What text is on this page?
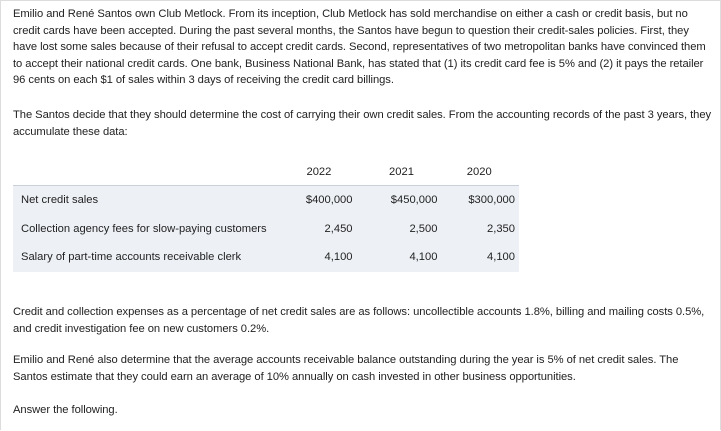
Emilio and René Santos own Club Metlock. From its inception, Club Metlock has sold merchandise on either a cash or credit basis, but no credit cards have been accepted. During the past several months, the Santos have begun to question their credit-sales policies. First, they have lost some sales because of their refusal to accept credit cards. Second, representatives of two metropolitan banks have convinced them to accept their national credit cards. One bank, Business National Bank, has stated that (1) its credit card fee is 5% and (2) it pays the retailer 96 cents on each $1 of sales within 3 days of receiving the credit card billings.

The Santos decide that they should determine the cost of carrying their own credit sales. From the accounting records of the past 3 years, they accumulate these data:

	2022	2021	2020
Net credit sales	$400,000	$450,000	$300,000
Collection agency fees for slow-paying customers	2,450	2,500	2,350
Salary of part-time accounts receivable clerk	4,100	4,100	4,100

Credit and collection expenses as a percentage of net credit sales are as follows: uncollectible accounts 1.8%, billing and mailing costs 0.5%, and credit investigation fee on new customers 0.2%.

Emilio and René also determine that the average accounts receivable balance outstanding during the year is 5% of net credit sales. The Santos estimate that they could earn an average of 10% annually on cash invested in other business opportunities.

Answer the following.
